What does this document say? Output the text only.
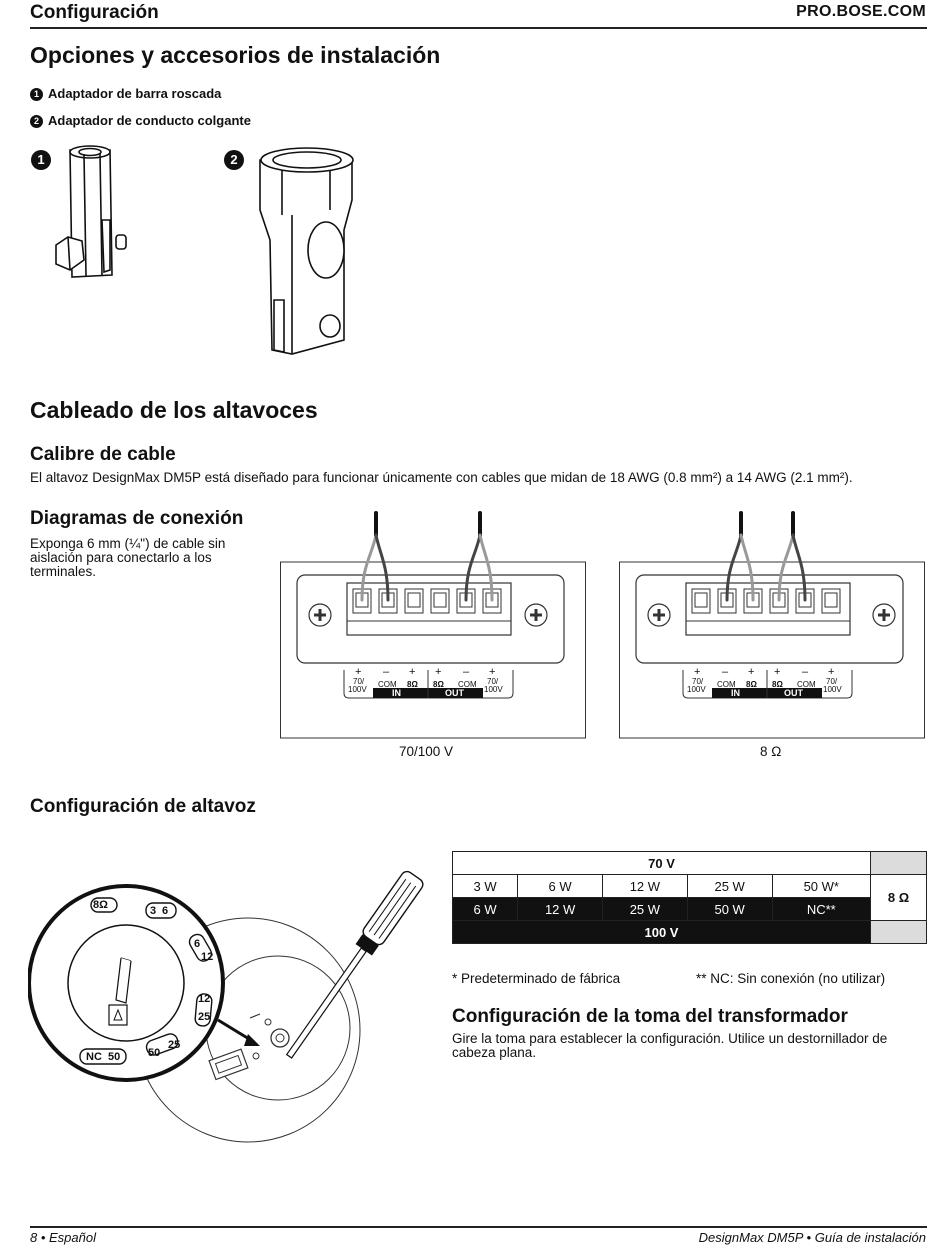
Configuración	PRO.BOSE.COM
Opciones y accesorios de instalación
1 Adaptador de barra roscada
2 Adaptador de conducto colgante
1	2
Cableado de los altavoces
Calibre de cable
El altavoz DesignMax DM5P está diseñado para funcionar únicamente con cables que midan de 18 AWG (0.8 mm²) a 14 AWG (2.1 mm²).
Diagramas de conexión
Exponga 6 mm (¼") de cable sin aislación para conectarlo a los terminales.
+ – + + – +
70/
100V
COM 8Ω 8Ω COM 70/
100V
IN	OUT
70/100 V
+ – + + – +
70/
100V
COM 8Ω 8Ω COM 70/
100V
IN	OUT
8 Ω
Configuración de altavoz
8Ω	3 6
6
12
12
25
25
50
50
NC
70 V					
3 W	6 W	12 W	25 W	50 W*	8 Ω
6 W	12 W	25 W	50 W	NC**	
100 V					
* Predeterminado de fábrica	** NC: Sin conexión (no utilizar)
Configuración de la toma del transformador
Gire la toma para establecer la configuración. Utilice un destornillador de cabeza plana.
8 • Español	DesignMax DM5P • Guía de instalación
